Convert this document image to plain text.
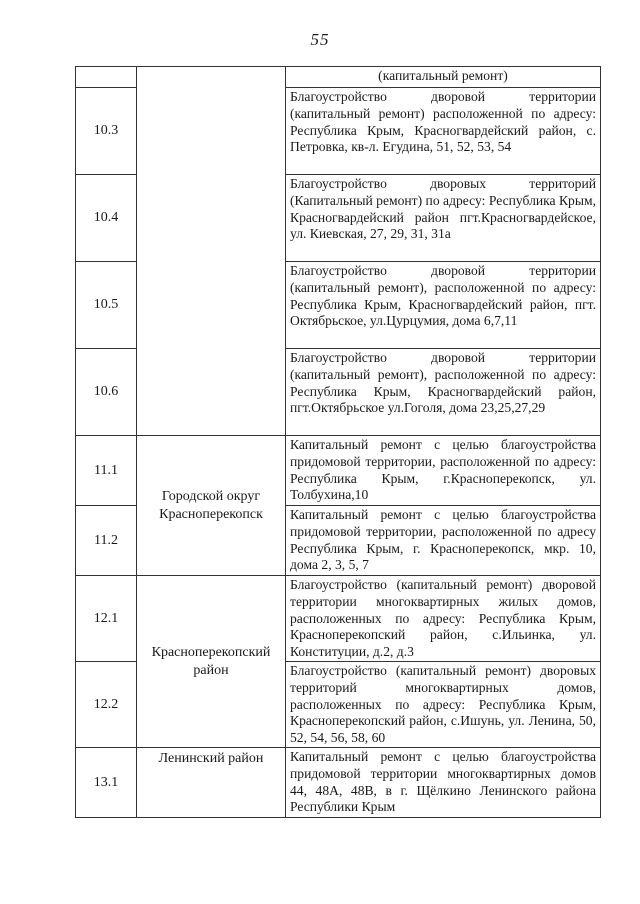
55

		(капитальный ремонт)

10.3		Благоустройство дворовой территории (капитальный ремонт) расположенной по адресу: Республика Крым, Красногвардейский район, с. Петровка, кв-л. Егудина, 51, 52, 53, 54

10.4		Благоустройство дворовых территорий (Капитальный ремонт) по адресу: Республика Крым, Красногвардейский район пгт.Красногвардейское, ул. Киевская, 27, 29, 31, 31а

10.5		Благоустройство дворовой территории (капитальный ремонт), расположенной по адресу: Республика Крым, Красногвардейский район, пгт. Октябрьское, ул.Цурцумия, дома 6,7,11

10.6		Благоустройство дворовой территории (капитальный ремонт), расположенной по адресу: Республика Крым, Красногвардейский район, пгт.Октябрьское ул.Гоголя, дома 23,25,27,29

11.1	Городской округ Красноперекопск	Капитальный ремонт с целью благоустройства придомовой территории, расположенной по адресу: Республика Крым, г.Красноперекопск, ул. Толбухина,10

11.2		Капитальный ремонт с целью благоустройства придомовой территории, расположенной по адресу Республика Крым, г. Красноперекопск, мкр. 10, дома 2, 3, 5, 7

12.1	Красноперекопский район	Благоустройство (капитальный ремонт) дворовой территории многоквартирных жилых домов, расположенных по адресу: Республика Крым, Красноперекопский район, с.Ильинка, ул. Конституции, д.2, д.3

12.2		Благоустройство (капитальный ремонт) дворовых территорий многоквартирных домов, расположенных по адресу: Республика Крым, Красноперекопский район, с.Ишунь, ул. Ленина, 50, 52, 54, 56, 58, 60

13.1	Ленинский район	Капитальный ремонт с целью благоустройства придомовой территории многоквартирных домов 44, 48А, 48В, в г. Щёлкино Ленинского района Республики Крым
